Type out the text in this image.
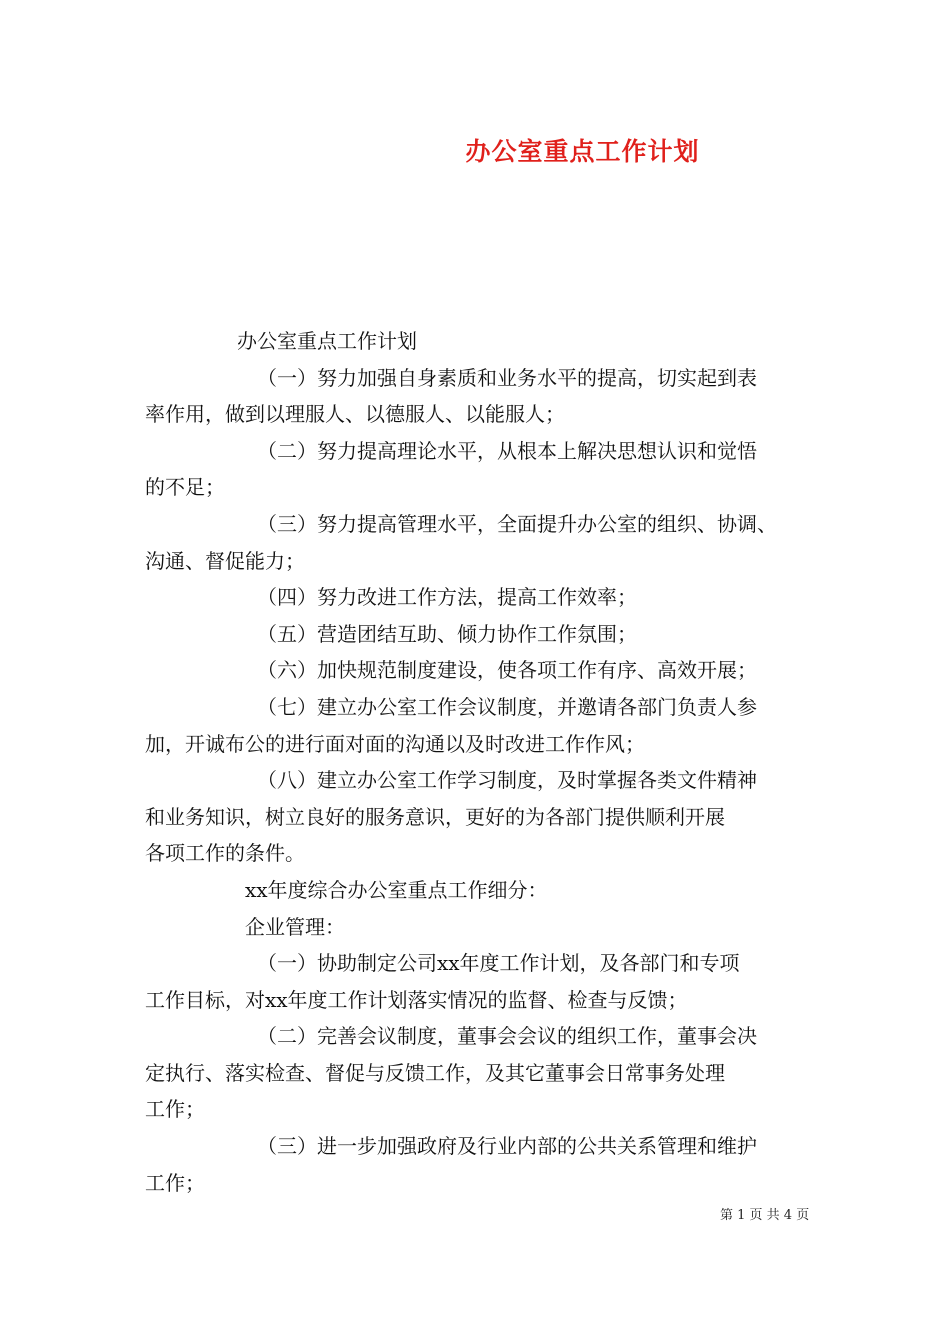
办公室重点工作计划
办公室重点工作计划
（一）努力加强自身素质和业务水平的提高，切实起到表
率作用，做到以理服人、以德服人、以能服人；
（二）努力提高理论水平，从根本上解决思想认识和觉悟
的不足；
（三）努力提高管理水平，全面提升办公室的组织、协调、
沟通、督促能力；
（四）努力改进工作方法，提高工作效率；
（五）营造团结互助、倾力协作工作氛围；
（六）加快规范制度建设，使各项工作有序、高效开展；
（七）建立办公室工作会议制度，并邀请各部门负责人参
加，开诚布公的进行面对面的沟通以及时改进工作作风；
（八）建立办公室工作学习制度，及时掌握各类文件精神
和业务知识，树立良好的服务意识，更好的为各部门提供顺利开展
各项工作的条件。
xx年度综合办公室重点工作细分：
企业管理：
（一）协助制定公司xx年度工作计划，及各部门和专项
工作目标，对xx年度工作计划落实情况的监督、检查与反馈；
（二）完善会议制度，董事会会议的组织工作，董事会决
定执行、落实检查、督促与反馈工作，及其它董事会日常事务处理
工作；
（三）进一步加强政府及行业内部的公共关系管理和维护
工作；
第 1 页 共 4 页
